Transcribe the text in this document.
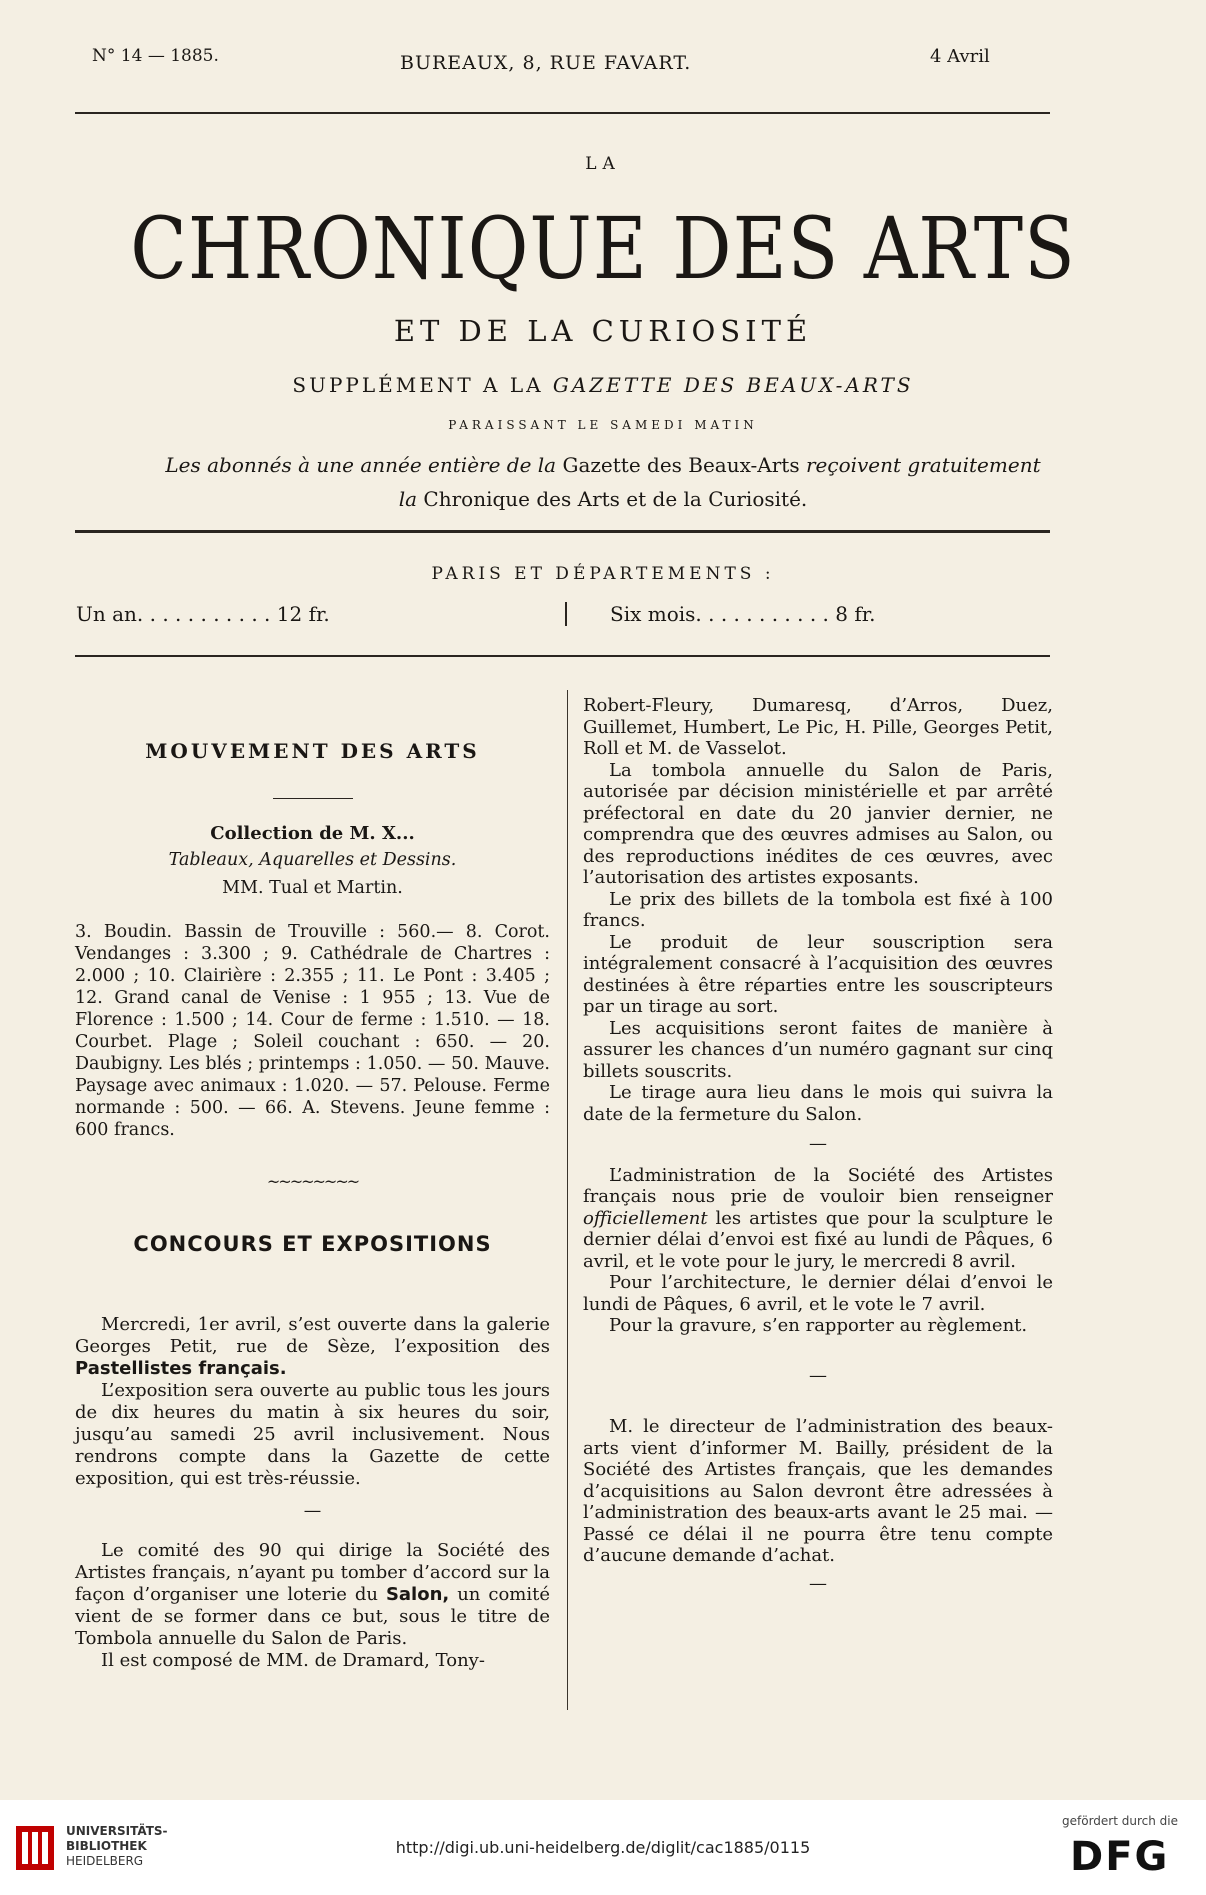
N° 14 — 1885.	BUREAUX, 8, RUE FAVART.	4 Avril
LA
CHRONIQUE DES ARTS
ET DE LA CURIOSITÉ
SUPPLÉMENT A LA GAZETTE DES BEAUX-ARTS
PARAISSANT LE SAMEDI MATIN
Les abonnés à une année entière de la Gazette des Beaux-Arts reçoivent gratuitement
la Chronique des Arts et de la Curiosité.
PARIS ET DÉPARTEMENTS :
Un an. . . . . . . . . . . 12 fr.	Six mois. . . . . . . . . . . 8 fr.
MOUVEMENT DES ARTS
Collection de M. X...
Tableaux, Aquarelles et Dessins.
MM. Tual et Martin.

3. Boudin. Bassin de Trouville : 560.— 8. Corot. Vendanges : 3.300 ; 9. Cathédrale de Chartres : 2.000 ; 10. Clairière : 2.355 ; 11. Le Pont : 3.405 ; 12. Grand canal de Venise : 1 955 ; 13. Vue de Florence : 1.500 ; 14. Cour de ferme : 1.510. — 18. Courbet. Plage ; Soleil couchant : 650. — 20. Daubigny. Les blés ; printemps : 1.050. — 50. Mauve. Paysage avec animaux : 1.020. — 57. Pelouse. Ferme normande : 500. — 66. A. Stevens. Jeune femme : 600 francs.

~~~~~~~~
CONCOURS ET EXPOSITIONS

Mercredi, 1er avril, s’est ouverte dans la galerie Georges Petit, rue de Sèze, l’exposition des Pastellistes français.

L’exposition sera ouverte au public tous les jours de dix heures du matin à six heures du soir, jusqu’au samedi 25 avril inclusivement. Nous rendrons compte dans la Gazette de cette exposition, qui est très-réussie.

—

Le comité des 90 qui dirige la Société des Artistes français, n’ayant pu tomber d’accord sur la façon d’organiser une loterie du Salon, un comité vient de se former dans ce but, sous le titre de Tombola annuelle du Salon de Paris.

Il est composé de MM. de Dramard, Tony-

Robert-Fleury, Dumaresq, d’Arros, Duez, Guillemet, Humbert, Le Pic, H. Pille, Georges Petit, Roll et M. de Vasselot.

La tombola annuelle du Salon de Paris, autorisée par décision ministérielle et par arrêté préfectoral en date du 20 janvier dernier, ne comprendra que des œuvres admises au Salon, ou des reproductions inédites de ces œuvres, avec l’autorisation des artistes exposants.

Le prix des billets de la tombola est fixé à 100 francs.

Le produit de leur souscription sera intégralement consacré à l’acquisition des œuvres destinées à être réparties entre les souscripteurs par un tirage au sort.

Les acquisitions seront faites de manière à assurer les chances d’un numéro gagnant sur cinq billets souscrits.

Le tirage aura lieu dans le mois qui suivra la date de la fermeture du Salon.

—

L’administration de la Société des Artistes français nous prie de vouloir bien renseigner officiellement les artistes que pour la sculpture le dernier délai d’envoi est fixé au lundi de Pâques, 6 avril, et le vote pour le jury, le mercredi 8 avril.

Pour l’architecture, le dernier délai d’envoi le lundi de Pâques, 6 avril, et le vote le 7 avril.

Pour la gravure, s’en rapporter au règlement.

—

M. le directeur de l’administration des beaux-arts vient d’informer M. Bailly, président de la Société des Artistes français, que les demandes d’acquisitions au Salon devront être adressées à l’administration des beaux-arts avant le 25 mai. — Passé ce délai il ne pourra être tenu compte d’aucune demande d’achat.

—
UNIVERSITÄTS-
BIBLIOTHEK
HEIDELBERG
http://digi.ub.uni-heidelberg.de/diglit/cac1885/0115
gefördert durch die
DFG
